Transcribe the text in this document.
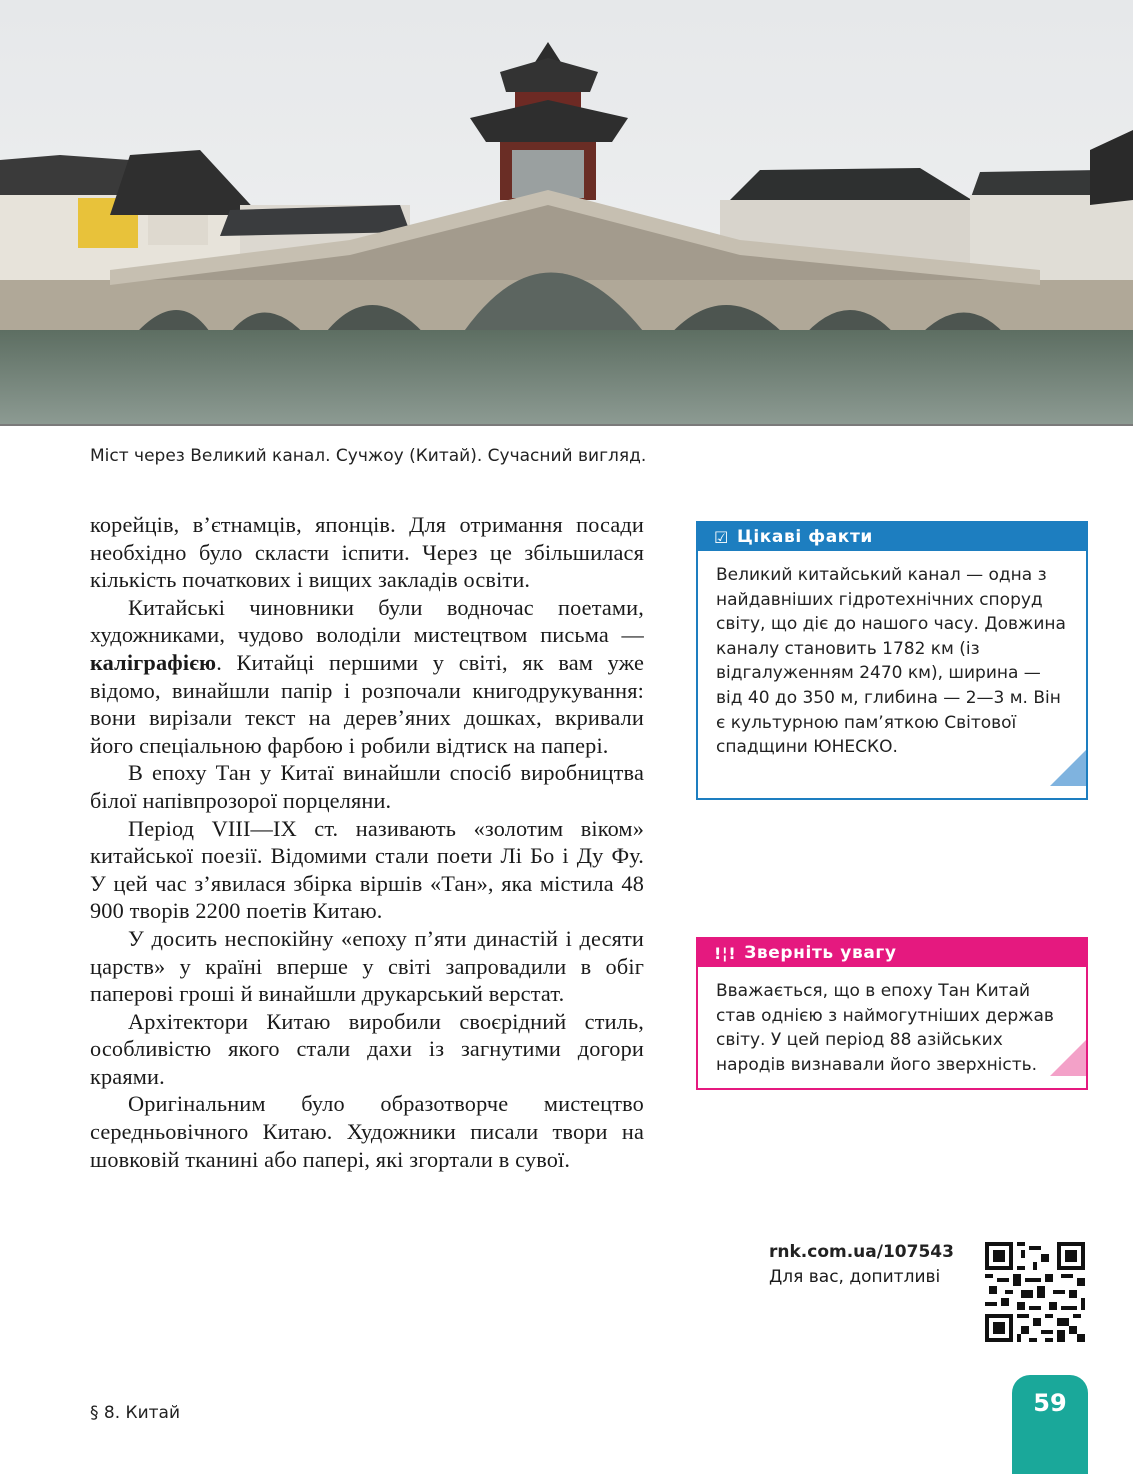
Міст через Великий канал. Сучжоу (Китай). Сучасний вигляд.

корейців, в’єтнамців, японців. Для отримання посади необхідно було скласти іспити. Через це збільшилася кількість початкових і вищих закладів освіти.

Китайські чиновники були водночас поетами, художниками, чудово володіли мистецтвом письма — каліграфією. Китайці першими у світі, як вам уже відомо, винайшли папір і розпочали книгодрукування: вони вирізали текст на дерев’яних дошках, вкривали його спеціальною фарбою і робили відтиск на папері.

В епоху Тан у Китаї винайшли спосіб виробництва білої напівпрозорої порцеляни.

Період VIII—IX ст. називають «золотим віком» китайської поезії. Відомими стали поети Лі Бо і Ду Фу. У цей час з’явилася збірка віршів «Тан», яка містила 48 900 творів 2200 поетів Китаю.

У досить неспокійну «епоху п’яти династій і десяти царств» у країні вперше у світі запровадили в обіг паперові гроші й винайшли друкарський верстат.

Архітектори Китаю виробили своєрідний стиль, особливістю якого стали дахи із загнутими догори краями.

Оригінальним було образотворче мистецтво середньовічного Китаю. Художники писали твори на шовковій тканині або папері, які згортали в сувої.

☑ Цікаві факти
Великий китайський канал — одна з найдавніших гідротехнічних споруд світу, що діє до нашого часу. Довжина каналу становить 1782 км (із відгалуженням 2470 км), ширина — від 40 до 350 м, глибина — 2—3 м. Він є культурною пам’яткою Світової спадщини ЮНЕСКО.
!¦! Зверніть увагу
Вважається, що в епоху Тан Китай став однією з наймогутніших держав світу. У цей період 88 азійських народів визнавали його зверхність.
rnk.com.ua/107543
Для вас, допитливі
§ 8. Китай	59
